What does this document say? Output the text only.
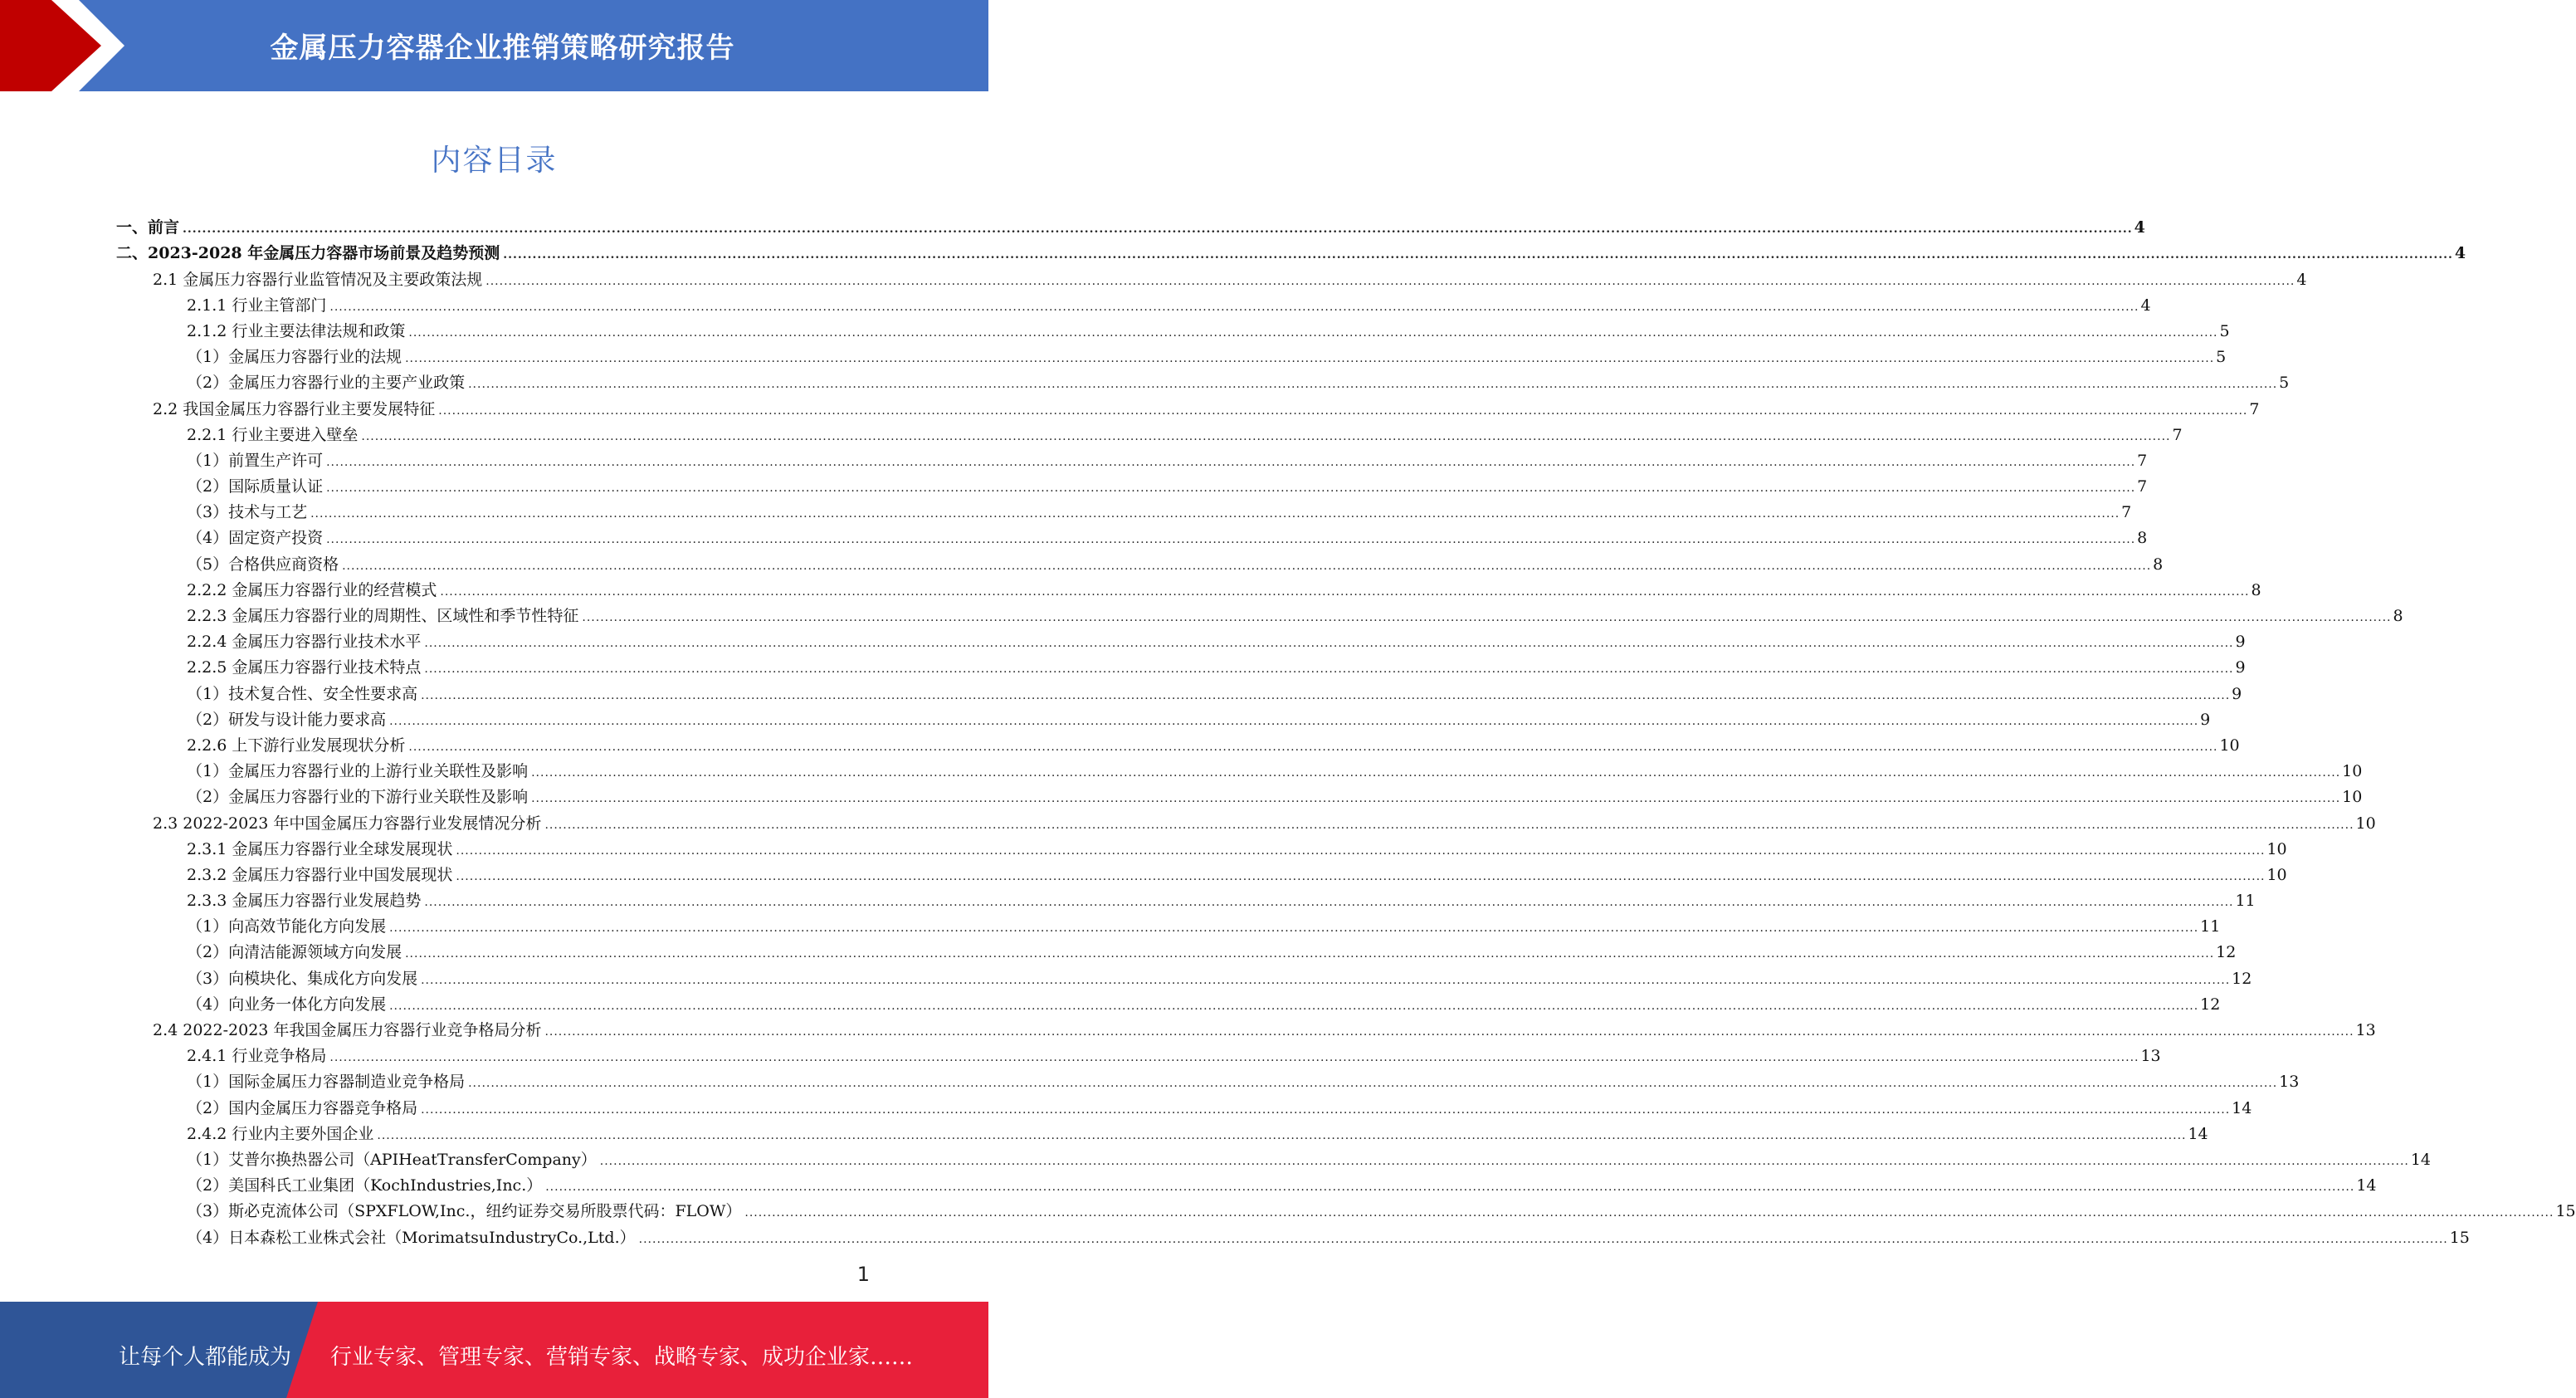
金属压力容器企业推销策略研究报告
内容目录
一、前言 ................................................................................................................................................................................................................................................................................................................................................................................................................ 4
二、2023-2028 年金属压力容器市场前景及趋势预测 ................................................................................................................................................................................................................................................................................................................................................................................................................ 4
2.1 金属压力容器行业监管情况及主要政策法规 ................................................................................................................................................................................................................................................................................................................................................................................................................ 4
2.1.1 行业主管部门 ................................................................................................................................................................................................................................................................................................................................................................................................................ 4
2.1.2 行业主要法律法规和政策 ................................................................................................................................................................................................................................................................................................................................................................................................................ 5
（1）金属压力容器行业的法规 ................................................................................................................................................................................................................................................................................................................................................................................................................ 5
（2）金属压力容器行业的主要产业政策 ................................................................................................................................................................................................................................................................................................................................................................................................................ 5
2.2 我国金属压力容器行业主要发展特征 ................................................................................................................................................................................................................................................................................................................................................................................................................ 7
2.2.1 行业主要进入壁垒 ................................................................................................................................................................................................................................................................................................................................................................................................................ 7
（1）前置生产许可 ................................................................................................................................................................................................................................................................................................................................................................................................................ 7
（2）国际质量认证 ................................................................................................................................................................................................................................................................................................................................................................................................................ 7
（3）技术与工艺 ................................................................................................................................................................................................................................................................................................................................................................................................................ 7
（4）固定资产投资 ................................................................................................................................................................................................................................................................................................................................................................................................................ 8
（5）合格供应商资格 ................................................................................................................................................................................................................................................................................................................................................................................................................ 8
2.2.2 金属压力容器行业的经营模式 ................................................................................................................................................................................................................................................................................................................................................................................................................ 8
2.2.3 金属压力容器行业的周期性、区域性和季节性特征 ................................................................................................................................................................................................................................................................................................................................................................................................................ 8
2.2.4 金属压力容器行业技术水平 ................................................................................................................................................................................................................................................................................................................................................................................................................ 9
2.2.5 金属压力容器行业技术特点 ................................................................................................................................................................................................................................................................................................................................................................................................................ 9
（1）技术复合性、安全性要求高 ................................................................................................................................................................................................................................................................................................................................................................................................................ 9
（2）研发与设计能力要求高 ................................................................................................................................................................................................................................................................................................................................................................................................................ 9
2.2.6 上下游行业发展现状分析 ................................................................................................................................................................................................................................................................................................................................................................................................................ 10
（1）金属压力容器行业的上游行业关联性及影响 ................................................................................................................................................................................................................................................................................................................................................................................................................ 10
（2）金属压力容器行业的下游行业关联性及影响 ................................................................................................................................................................................................................................................................................................................................................................................................................ 10
2.3 2022-2023 年中国金属压力容器行业发展情况分析 ................................................................................................................................................................................................................................................................................................................................................................................................................ 10
2.3.1 金属压力容器行业全球发展现状 ................................................................................................................................................................................................................................................................................................................................................................................................................ 10
2.3.2 金属压力容器行业中国发展现状 ................................................................................................................................................................................................................................................................................................................................................................................................................ 10
2.3.3 金属压力容器行业发展趋势 ................................................................................................................................................................................................................................................................................................................................................................................................................ 11
（1）向高效节能化方向发展 ................................................................................................................................................................................................................................................................................................................................................................................................................ 11
（2）向清洁能源领域方向发展 ................................................................................................................................................................................................................................................................................................................................................................................................................ 12
（3）向模块化、集成化方向发展 ................................................................................................................................................................................................................................................................................................................................................................................................................ 12
（4）向业务一体化方向发展 ................................................................................................................................................................................................................................................................................................................................................................................................................ 12
2.4 2022-2023 年我国金属压力容器行业竞争格局分析 ................................................................................................................................................................................................................................................................................................................................................................................................................ 13
2.4.1 行业竞争格局 ................................................................................................................................................................................................................................................................................................................................................................................................................ 13
（1）国际金属压力容器制造业竞争格局 ................................................................................................................................................................................................................................................................................................................................................................................................................ 13
（2）国内金属压力容器竞争格局 ................................................................................................................................................................................................................................................................................................................................................................................................................ 14
2.4.2 行业内主要外国企业 ................................................................................................................................................................................................................................................................................................................................................................................................................ 14
（1）艾普尔换热器公司（APIHeatTransferCompany） ................................................................................................................................................................................................................................................................................................................................................................................................................ 14
（2）美国科氏工业集团（KochIndustries,Inc.） ................................................................................................................................................................................................................................................................................................................................................................................................................ 14
（3）斯必克流体公司（SPXFLOW,Inc.，纽约证券交易所股票代码：FLOW） ................................................................................................................................................................................................................................................................................................................................................................................................................ 15
（4）日本森松工业株式会社（MorimatsuIndustryCo.,Ltd.） ................................................................................................................................................................................................................................................................................................................................................................................................................ 15
1
让每个人都能成为 行业专家、管理专家、营销专家、战略专家、成功企业家……
